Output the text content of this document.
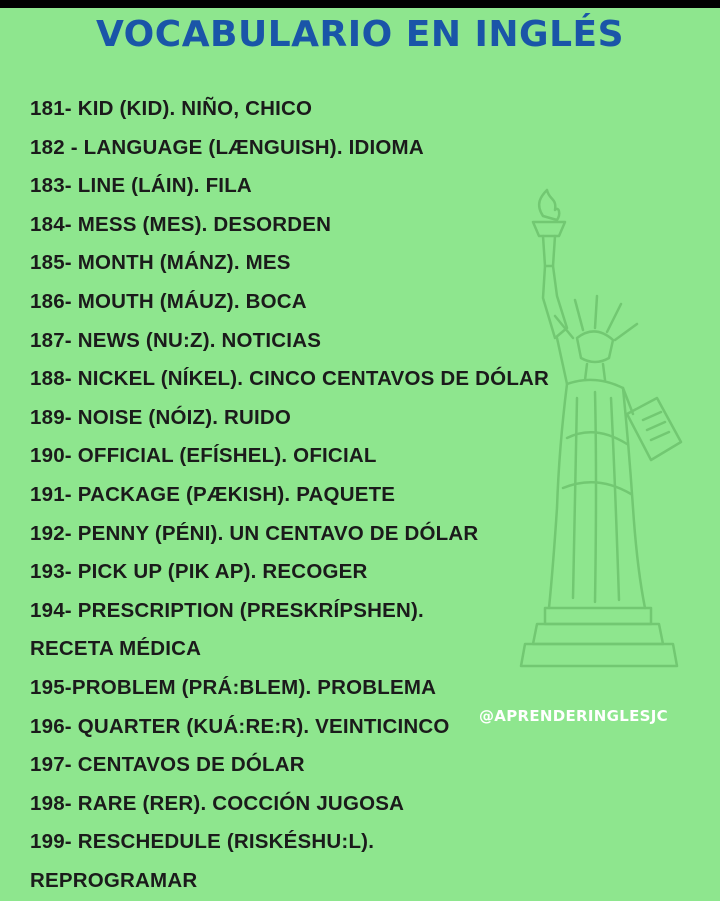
VOCABULARIO EN INGLÉS
181- KID (KID). NIÑO, CHICO
182 - LANGUAGE (LÆNGUISH). IDIOMA
183- LINE (LÁIN). FILA
184- MESS (MES). DESORDEN
185- MONTH (MÁNZ). MES
186- MOUTH (MÁUZ). BOCA
187- NEWS (NU:Z). NOTICIAS
188- NICKEL (NÍKEL). CINCO CENTAVOS DE DÓLAR
189- NOISE (NÓIZ). RUIDO
190- OFFICIAL (EFÍSHEL). OFICIAL
191- PACKAGE (PÆKISH). PAQUETE
192- PENNY (PÉNI). UN CENTAVO DE DÓLAR
193- PICK UP (PIK AP). RECOGER
194- PRESCRIPTION (PRESKRÍPSHEN).
RECETA MÉDICA
195-PROBLEM (PRÁ:BLEM). PROBLEMA
196- QUARTER (KUÁ:RE:R). VEINTICINCO
197- CENTAVOS DE DÓLAR
198- RARE (RER). COCCIÓN JUGOSA
199- RESCHEDULE (RISKÉSHU:L).
REPROGRAMAR
@APRENDERINGLESJC
